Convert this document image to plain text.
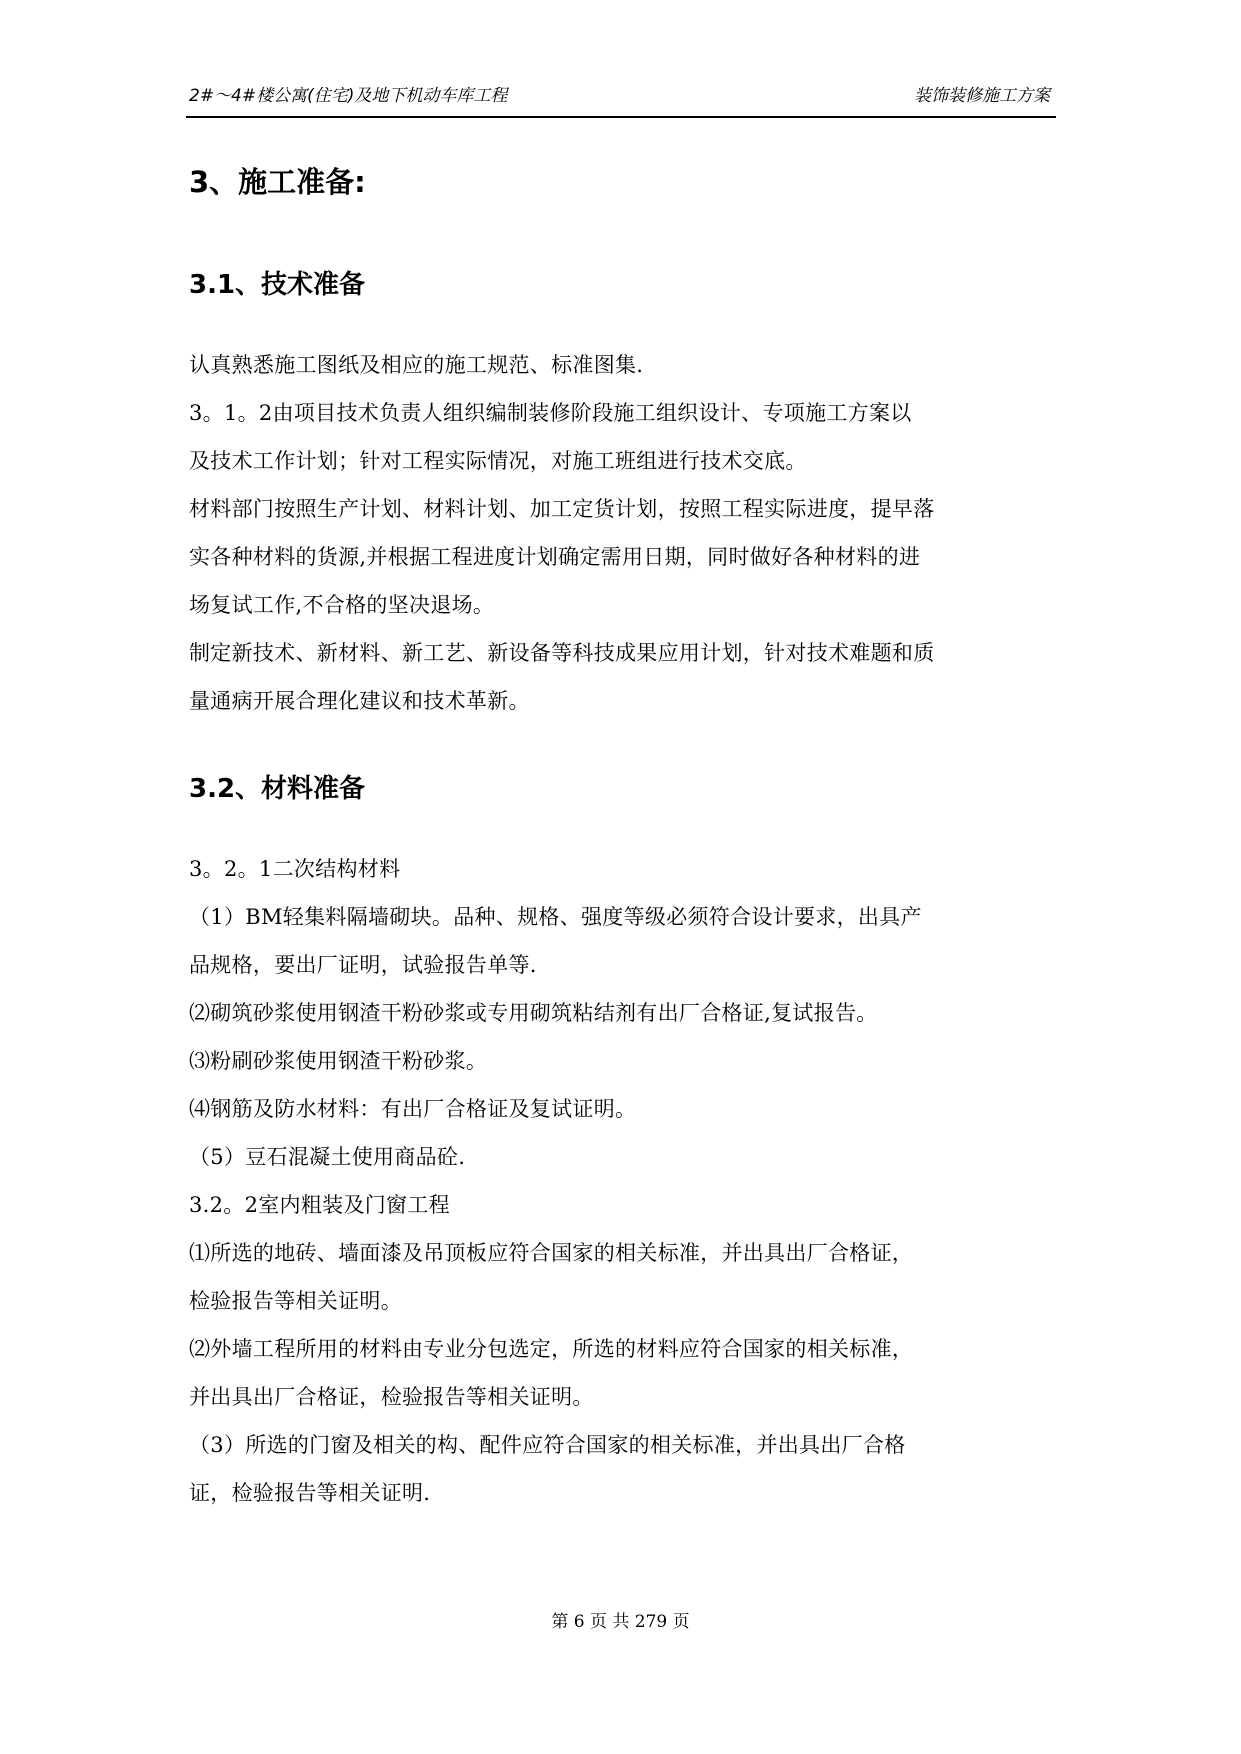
2#～4#楼公寓(住宅)及地下机动车库工程	装饰装修施工方案
3、施工准备:
3.1、技术准备
认真熟悉施工图纸及相应的施工规范、标准图集.
3。1。2由项目技术负责人组织编制装修阶段施工组织设计、专项施工方案以
及技术工作计划；针对工程实际情况，对施工班组进行技术交底。
材料部门按照生产计划、材料计划、加工定货计划，按照工程实际进度，提早落
实各种材料的货源,并根据工程进度计划确定需用日期，同时做好各种材料的进
场复试工作,不合格的坚决退场。
制定新技术、新材料、新工艺、新设备等科技成果应用计划，针对技术难题和质
量通病开展合理化建议和技术革新。
3.2、材料准备
3。2。1二次结构材料
（1）BM轻集料隔墙砌块。品种、规格、强度等级必须符合设计要求，出具产
品规格，要出厂证明，试验报告单等.
⑵砌筑砂浆使用钢渣干粉砂浆或专用砌筑粘结剂有出厂合格证,复试报告。
⑶粉刷砂浆使用钢渣干粉砂浆。
⑷钢筋及防水材料：有出厂合格证及复试证明。
（5）豆石混凝土使用商品砼.
3.2。2室内粗装及门窗工程
⑴所选的地砖、墙面漆及吊顶板应符合国家的相关标准，并出具出厂合格证，
检验报告等相关证明。
⑵外墙工程所用的材料由专业分包选定，所选的材料应符合国家的相关标准，
并出具出厂合格证，检验报告等相关证明。
（3）所选的门窗及相关的构、配件应符合国家的相关标准，并出具出厂合格
证，检验报告等相关证明.
第 6 页 共 279 页
